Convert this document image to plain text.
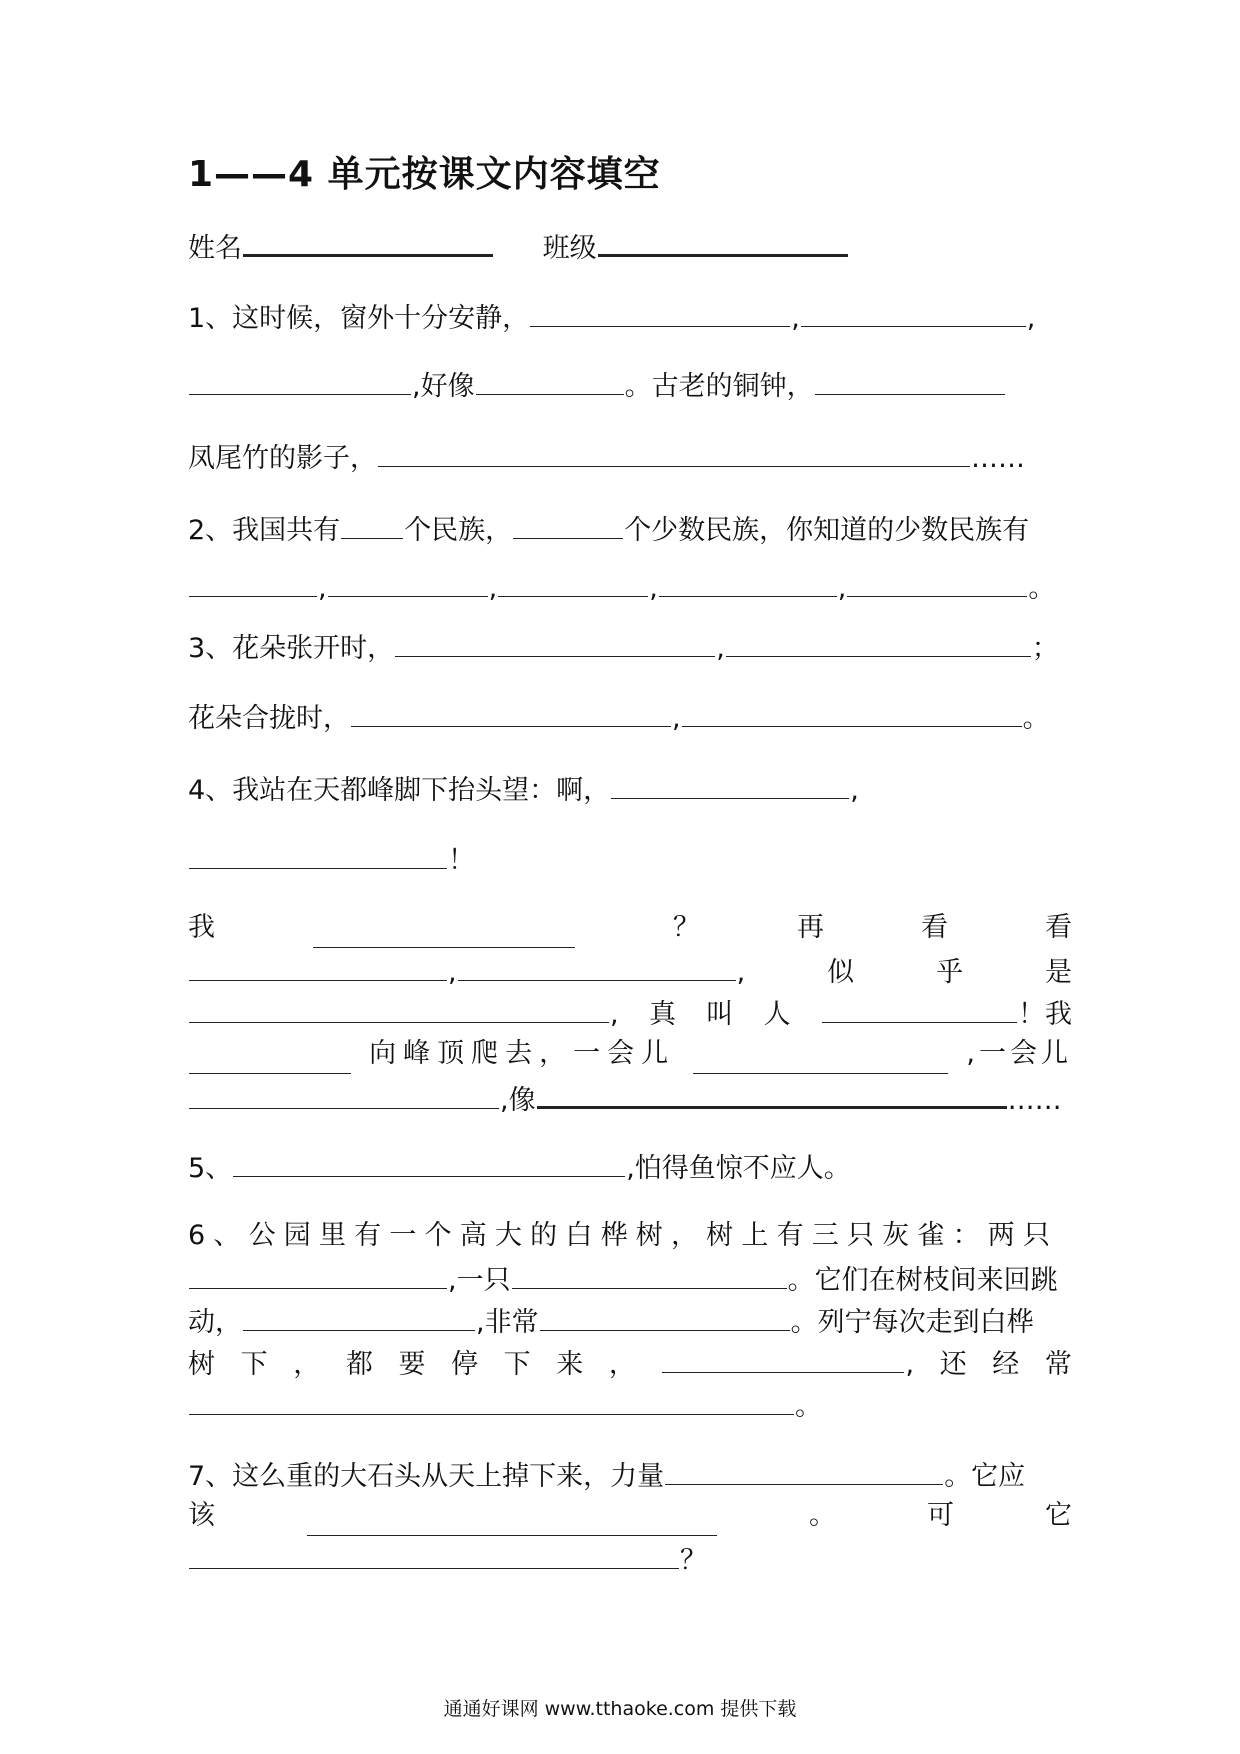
1——4 单元按课文内容填空
姓名	班级
1、这时候，窗外十分安静，	,	,
,好像	。古老的铜钟，
凤尾竹的影子，	……
2、我国共有 个民族，	个少数民族，你知道的少数民族有
,	,	,	,	。
3、花朵张开时，	,	；
花朵合拢时，	,	。
4、我站在天都峰脚下抬头望：啊，	,
！
我	？	再	看	看
,	,	似	乎	是
, 真 叫 人	！我
向峰顶爬去，一会儿	,一会儿
,像	……
5、	,怕得鱼惊不应人。
6、公园里有一个高大的白桦树，树上有三只灰雀：两只
,一只	。它们在树枝间来回跳
动，	,非常	。列宁每次走到白桦
树 下 ， 都 要 停 下 来 ，	, 还 经 常
。
7、这么重的大石头从天上掉下来，力量	。它应
该	。	可	它
？
通通好课网 www.tthaoke.com 提供下载
